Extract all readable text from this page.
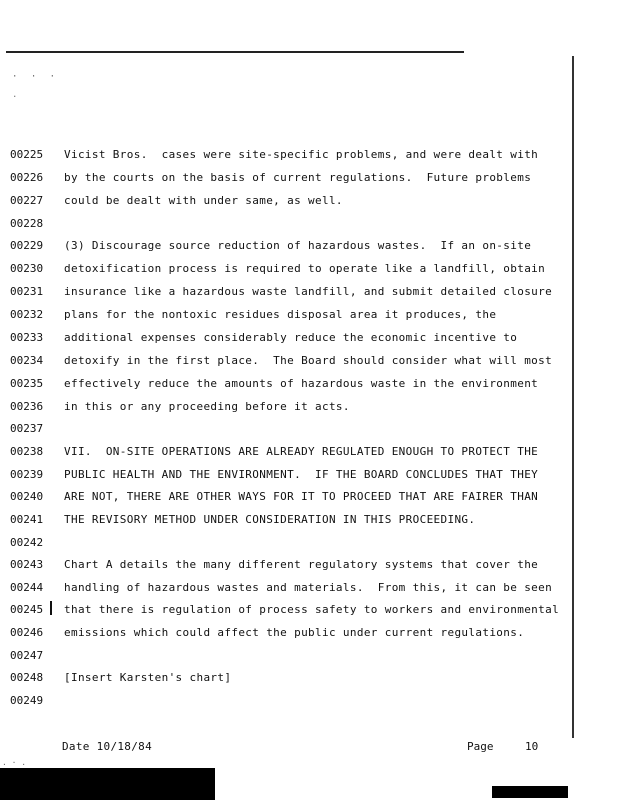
· · ·
.
00225	Vicist Bros.  cases were site-specific problems, and were dealt with
00226	by the courts on the basis of current regulations.  Future problems
00227	could be dealt with under same, as well.
00228
00229	(3) Discourage source reduction of hazardous wastes.  If an on-site
00230	detoxification process is required to operate like a landfill, obtain
00231	insurance like a hazardous waste landfill, and submit detailed closure
00232	plans for the nontoxic residues disposal area it produces, the
00233	additional expenses considerably reduce the economic incentive to
00234	detoxify in the first place.  The Board should consider what will most
00235	effectively reduce the amounts of hazardous waste in the environment
00236	in this or any proceeding before it acts.
00237
00238	VII.  ON-SITE OPERATIONS ARE ALREADY REGULATED ENOUGH TO PROTECT THE
00239	PUBLIC HEALTH AND THE ENVIRONMENT.  IF THE BOARD CONCLUDES THAT THEY
00240	ARE NOT, THERE ARE OTHER WAYS FOR IT TO PROCEED THAT ARE FAIRER THAN
00241	THE REVISORY METHOD UNDER CONSIDERATION IN THIS PROCEEDING.
00242
00243	Chart A details the many different regulatory systems that cover the
00244	handling of hazardous wastes and materials.  From this, it can be seen
00245	that there is regulation of process safety to workers and environmental
00246	emissions which could affect the public under current regulations.
00247
00248	[Insert Karsten's chart]
00249
Date 10/18/84	Page	10
. · .
